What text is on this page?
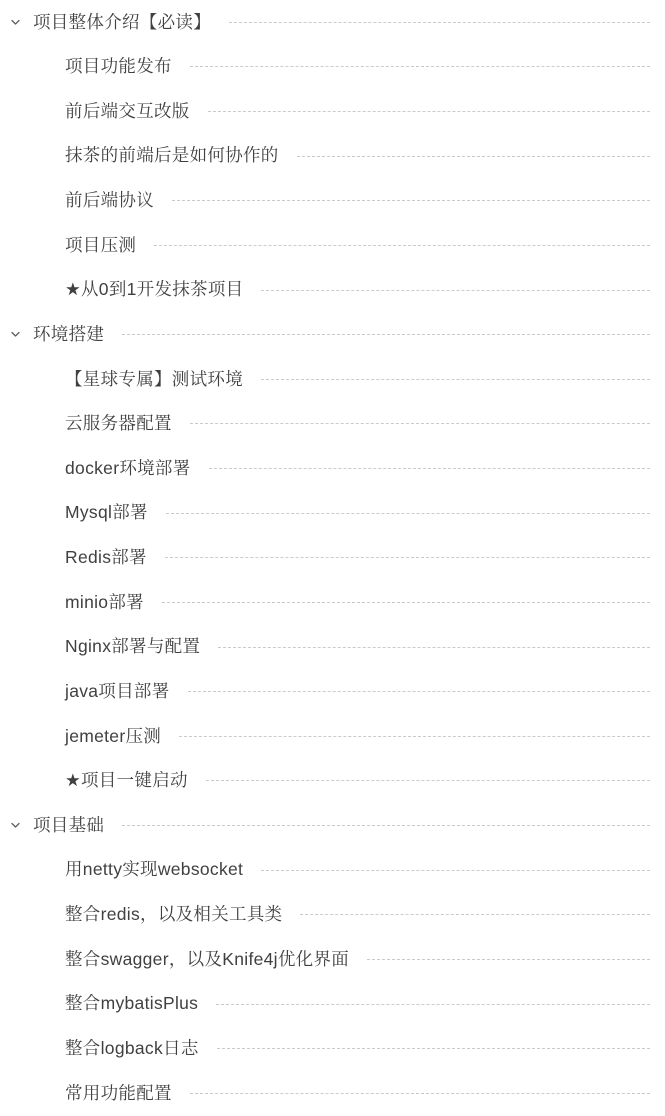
项目整体介绍【必读】
项目功能发布
前后端交互改版
抹茶的前端后是如何协作的
前后端协议
项目压测
★从0到1开发抹茶项目
环境搭建
【星球专属】测试环境
云服务器配置
docker环境部署
Mysql部署
Redis部署
minio部署
Nginx部署与配置
java项目部署
jemeter压测
★项目一键启动
项目基础
用netty实现websocket
整合redis，以及相关工具类
整合swagger，以及Knife4j优化界面
整合mybatisPlus
整合logback日志
常用功能配置
